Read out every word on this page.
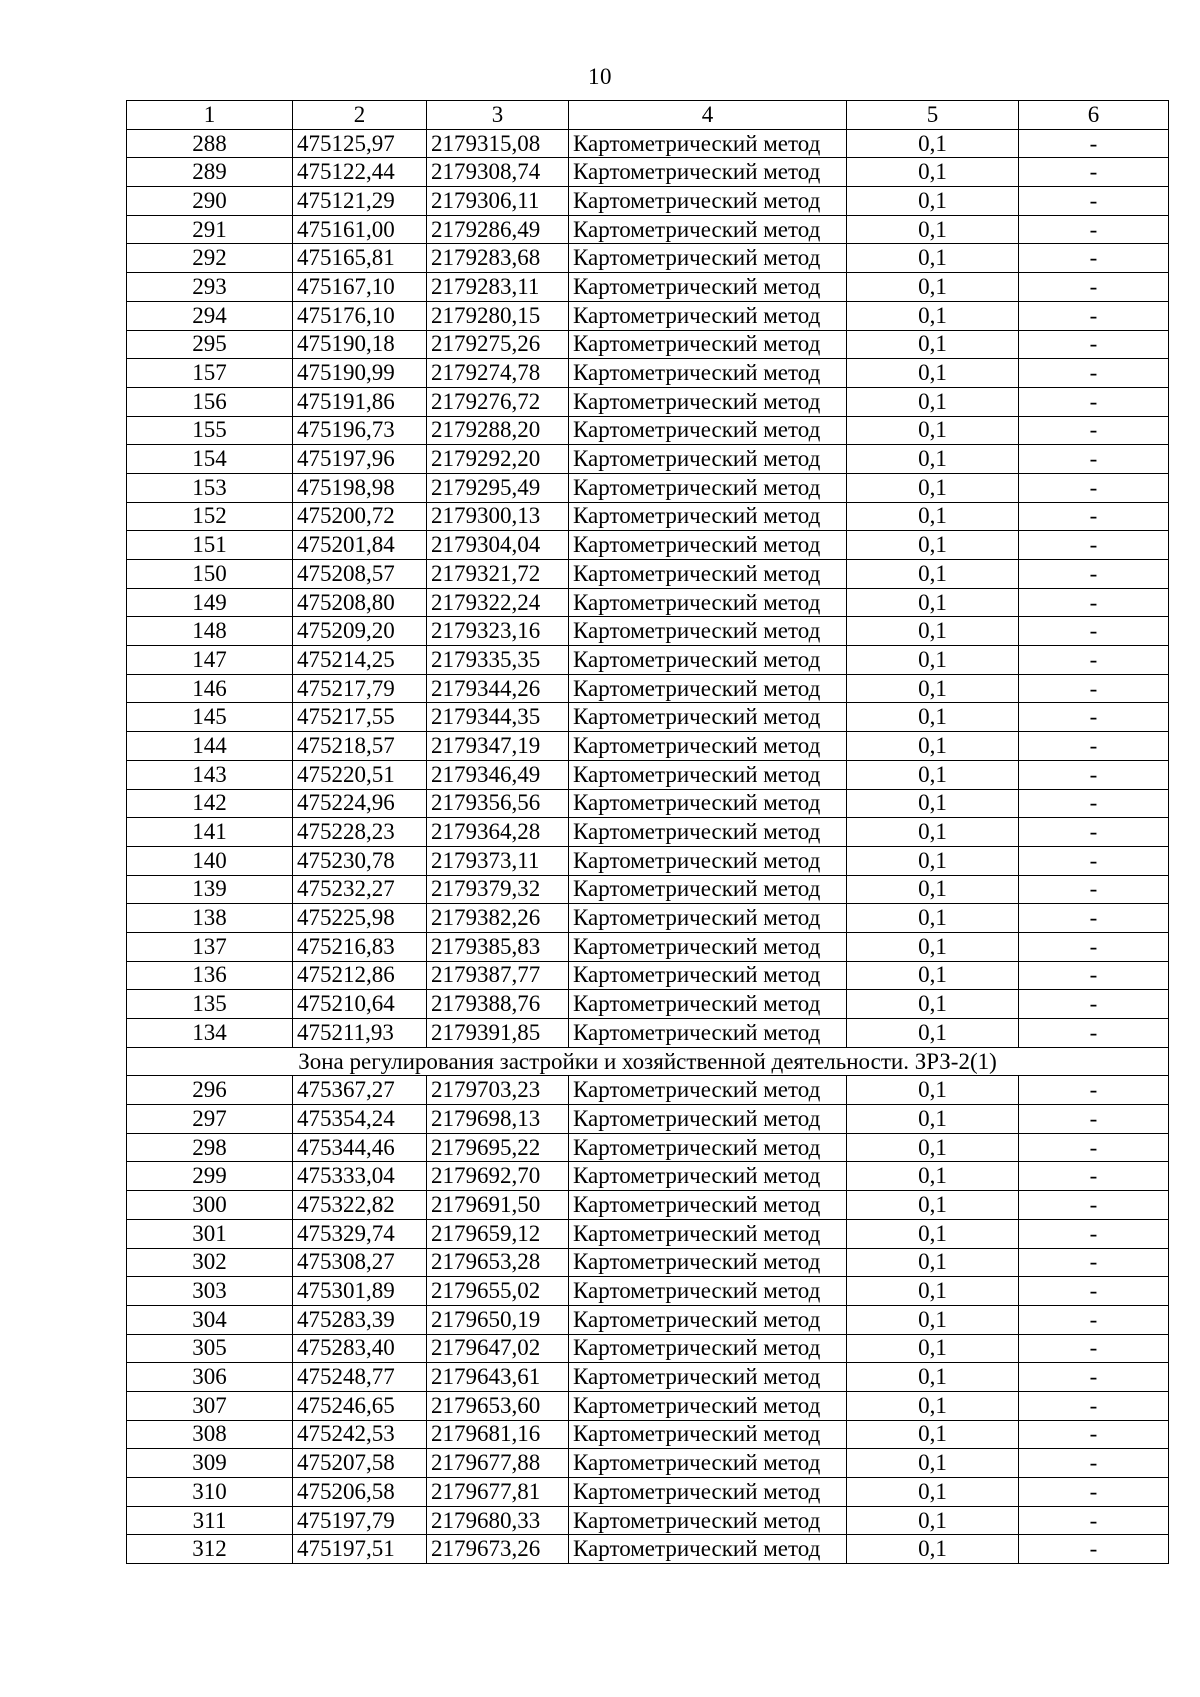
10
1	2	3	4	5	6
288	475125,97	2179315,08	Картометрический метод	0,1	-
289	475122,44	2179308,74	Картометрический метод	0,1	-
290	475121,29	2179306,11	Картометрический метод	0,1	-
291	475161,00	2179286,49	Картометрический метод	0,1	-
292	475165,81	2179283,68	Картометрический метод	0,1	-
293	475167,10	2179283,11	Картометрический метод	0,1	-
294	475176,10	2179280,15	Картометрический метод	0,1	-
295	475190,18	2179275,26	Картометрический метод	0,1	-
157	475190,99	2179274,78	Картометрический метод	0,1	-
156	475191,86	2179276,72	Картометрический метод	0,1	-
155	475196,73	2179288,20	Картометрический метод	0,1	-
154	475197,96	2179292,20	Картометрический метод	0,1	-
153	475198,98	2179295,49	Картометрический метод	0,1	-
152	475200,72	2179300,13	Картометрический метод	0,1	-
151	475201,84	2179304,04	Картометрический метод	0,1	-
150	475208,57	2179321,72	Картометрический метод	0,1	-
149	475208,80	2179322,24	Картометрический метод	0,1	-
148	475209,20	2179323,16	Картометрический метод	0,1	-
147	475214,25	2179335,35	Картометрический метод	0,1	-
146	475217,79	2179344,26	Картометрический метод	0,1	-
145	475217,55	2179344,35	Картометрический метод	0,1	-
144	475218,57	2179347,19	Картометрический метод	0,1	-
143	475220,51	2179346,49	Картометрический метод	0,1	-
142	475224,96	2179356,56	Картометрический метод	0,1	-
141	475228,23	2179364,28	Картометрический метод	0,1	-
140	475230,78	2179373,11	Картометрический метод	0,1	-
139	475232,27	2179379,32	Картометрический метод	0,1	-
138	475225,98	2179382,26	Картометрический метод	0,1	-
137	475216,83	2179385,83	Картометрический метод	0,1	-
136	475212,86	2179387,77	Картометрический метод	0,1	-
135	475210,64	2179388,76	Картометрический метод	0,1	-
134	475211,93	2179391,85	Картометрический метод	0,1	-
Зона регулирования застройки и хозяйственной деятельности. ЗРЗ-2(1)					
296	475367,27	2179703,23	Картометрический метод	0,1	-
297	475354,24	2179698,13	Картометрический метод	0,1	-
298	475344,46	2179695,22	Картометрический метод	0,1	-
299	475333,04	2179692,70	Картометрический метод	0,1	-
300	475322,82	2179691,50	Картометрический метод	0,1	-
301	475329,74	2179659,12	Картометрический метод	0,1	-
302	475308,27	2179653,28	Картометрический метод	0,1	-
303	475301,89	2179655,02	Картометрический метод	0,1	-
304	475283,39	2179650,19	Картометрический метод	0,1	-
305	475283,40	2179647,02	Картометрический метод	0,1	-
306	475248,77	2179643,61	Картометрический метод	0,1	-
307	475246,65	2179653,60	Картометрический метод	0,1	-
308	475242,53	2179681,16	Картометрический метод	0,1	-
309	475207,58	2179677,88	Картометрический метод	0,1	-
310	475206,58	2179677,81	Картометрический метод	0,1	-
311	475197,79	2179680,33	Картометрический метод	0,1	-
312	475197,51	2179673,26	Картометрический метод	0,1	-
